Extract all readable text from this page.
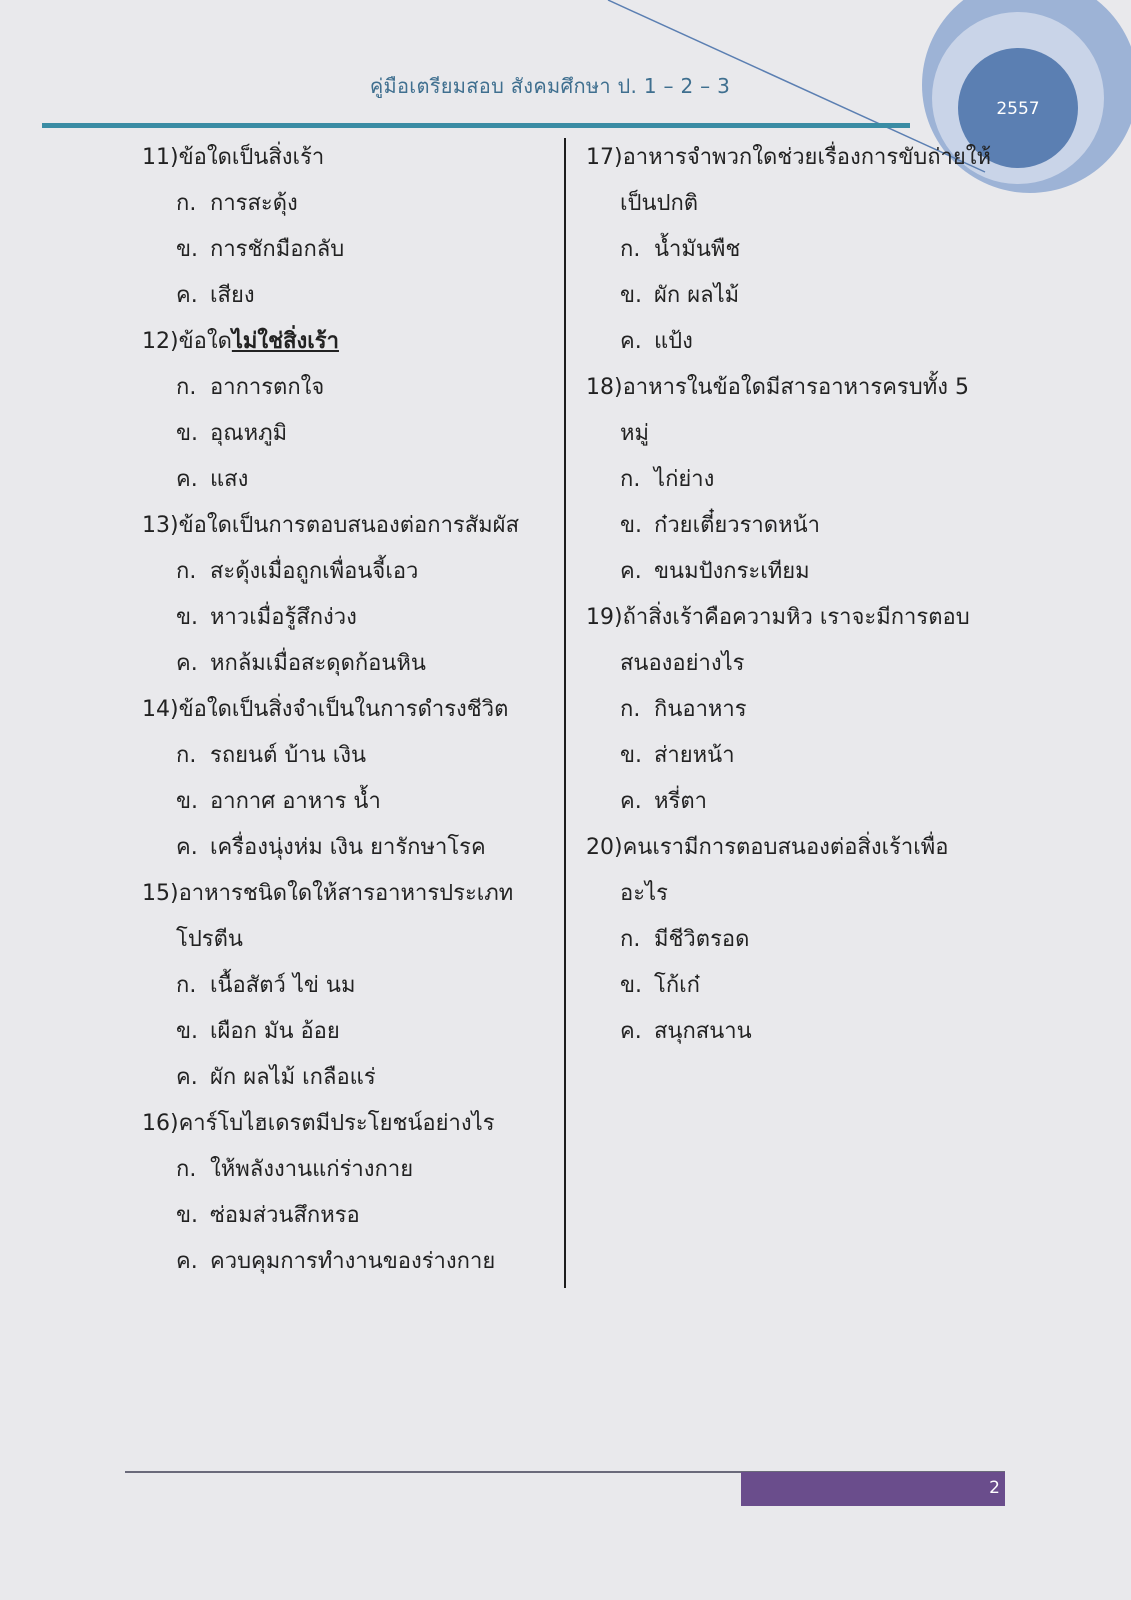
คู่มือเตรียมสอบ สังคมศึกษา ป. 1 – 2 – 3
2557
11)ข้อใดเป็นสิ่งเร้า
ก. การสะดุ้ง
ข. การชักมือกลับ
ค. เสียง
12)ข้อใดไม่ใช่สิ่งเร้า
ก. อาการตกใจ
ข. อุณหภูมิ
ค. แสง
13)ข้อใดเป็นการตอบสนองต่อการสัมผัส
ก. สะดุ้งเมื่อถูกเพื่อนจี้เอว
ข. หาวเมื่อรู้สึกง่วง
ค. หกล้มเมื่อสะดุดก้อนหิน
14)ข้อใดเป็นสิ่งจำเป็นในการดำรงชีวิต
ก. รถยนต์ บ้าน เงิน
ข. อากาศ อาหาร น้ำ
ค. เครื่องนุ่งห่ม เงิน ยารักษาโรค
15)อาหารชนิดใดให้สารอาหารประเภท
โปรตีน
ก. เนื้อสัตว์ ไข่ นม
ข. เผือก มัน อ้อย
ค. ผัก ผลไม้ เกลือแร่
16)คาร์โบไฮเดรตมีประโยชน์อย่างไร
ก. ให้พลังงานแก่ร่างกาย
ข. ซ่อมส่วนสึกหรอ
ค. ควบคุมการทำงานของร่างกาย
17)อาหารจำพวกใดช่วยเรื่องการขับถ่ายให้
เป็นปกติ
ก. น้ำมันพืช
ข. ผัก ผลไม้
ค. แป้ง
18)อาหารในข้อใดมีสารอาหารครบทั้ง 5
หมู่
ก. ไก่ย่าง
ข. ก๋วยเตี๋ยวราดหน้า
ค. ขนมปังกระเทียม
19)ถ้าสิ่งเร้าคือความหิว เราจะมีการตอบ
สนองอย่างไร
ก. กินอาหาร
ข. ส่ายหน้า
ค. หรี่ตา
20)คนเรามีการตอบสนองต่อสิ่งเร้าเพื่อ
อะไร
ก. มีชีวิตรอด
ข. โก้เก๋
ค. สนุกสนาน
2
